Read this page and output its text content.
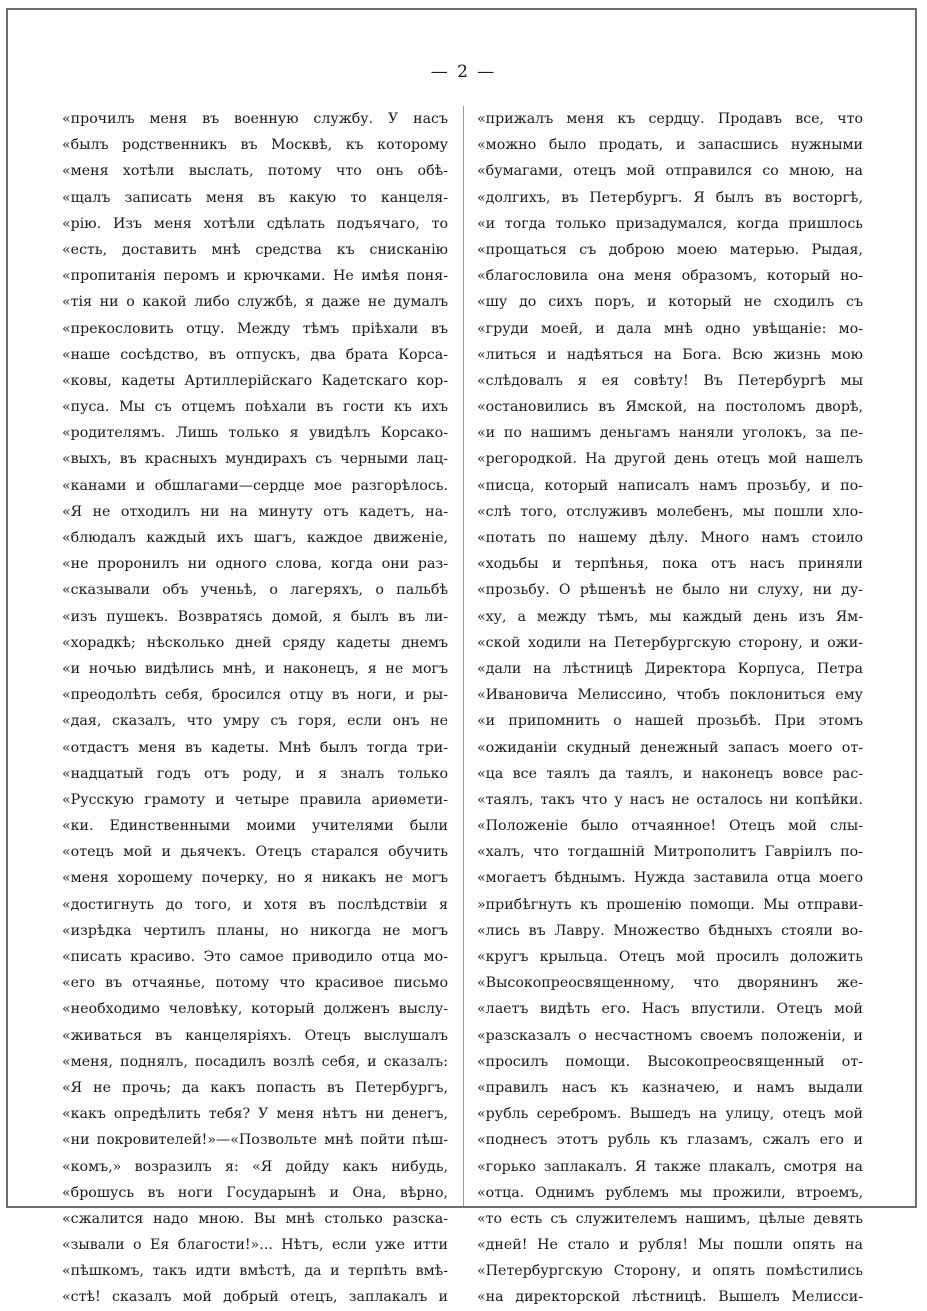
— 2 —
«прочилъ меня въ военную службу. У насъ
«былъ родственникъ въ Москвѣ, къ которому
«меня хотѣли выслать, потому что онъ обѣ-
«щалъ записать меня въ какую то канцеля-
«рію. Изъ меня хотѣли сдѣлать подъячаго, то
«есть, доставить мнѣ средства къ снисканію
«пропитанія перомъ и крючками. Не имѣя поня-
«тія ни о какой либо службѣ, я даже не думалъ
«прекословить отцу. Между тѣмъ пріѣхали въ
«наше сосѣдство, въ отпускъ, два брата Корса-
«ковы, кадеты Артиллерійскаго Кадетскаго кор-
«пуса. Мы съ отцемъ поѣхали въ гости къ ихъ
«родителямъ. Лишь только я увидѣлъ Корсако-
«выхъ, въ красныхъ мундирахъ съ черными лац-
«канами и обшлагами—сердце мое разгорѣлось.
«Я не отходилъ ни на минуту отъ кадетъ, на-
«блюдалъ каждый ихъ шагъ, каждое движеніе,
«не проронилъ ни одного слова, когда они раз-
«сказывали объ ученьѣ, о лагеряхъ, о пальбѣ
«изъ пушекъ. Возвратясь домой, я былъ въ ли-
«хорадкѣ; нѣсколько дней сряду кадеты днемъ
«и ночью видѣлись мнѣ, и наконецъ, я не могъ
«преодолѣть себя, бросился отцу въ ноги, и ры-
«дая, сказалъ, что умру съ горя, если онъ не
«отдастъ меня въ кадеты. Мнѣ былъ тогда три-
«надцатый годъ отъ роду, и я зналъ только
«Русскую грамоту и четыре правила ариѳмети-
«ки. Единственными моими учителями были
«отецъ мой и дьячекъ. Отецъ старался обучить
«меня хорошему почерку, но я никакъ не могъ
«достигнуть до того, и хотя въ послѣдствіи я
«изрѣдка чертилъ планы, но никогда не могъ
«писать красиво. Это самое приводило отца мо-
«его въ отчаянье, потому что красивое письмо
«необходимо человѣку, который долженъ выслу-
«живаться въ канцеляріяхъ. Отецъ выслушалъ
«меня, поднялъ, посадилъ возлѣ себя, и сказалъ:
«Я не прочь; да какъ попасть въ Петербургъ,
«какъ опредѣлить тебя? У меня нѣтъ ни денегъ,
«ни покровителей!»—«Позвольте мнѣ пойти пѣш-
«комъ,» возразилъ я: «Я дойду какъ нибудь,
«брошусь въ ноги Государынѣ и Она, вѣрно,
«сжалится надо мною. Вы мнѣ столько разска-
«зывали о Ея благости!»... Нѣтъ, если уже итти
«пѣшкомъ, такъ идти вмѣстѣ, да и терпѣть вмѣ-
«стѣ! сказалъ мой добрый отецъ, заплакалъ и
«прижалъ меня къ сердцу. Продавъ все, что
«можно было продать, и запасшись нужными
«бумагами, отецъ мой отправился со мною, на
«долгихъ, въ Петербургъ. Я былъ въ восторгѣ,
«и тогда только призадумался, когда пришлось
«прощаться съ доброю моею матерью. Рыдая,
«благословила она меня образомъ, который но-
«шу до сихъ поръ, и который не сходилъ съ
«груди моей, и дала мнѣ одно увѣщаніе: мо-
«литься и надѣяться на Бога. Всю жизнь мою
«слѣдовалъ я ея совѣту! Въ Петербургѣ мы
«остановились въ Ямской, на постоломъ дворѣ,
«и по нашимъ деньгамъ наняли уголокъ, за пе-
«регородкой. На другой день отецъ мой нашелъ
«писца, который написалъ намъ прозьбу, и по-
«слѣ того, отслуживъ молебенъ, мы пошли хло-
«потать по нашему дѣлу. Много намъ стоило
«ходьбы и терпѣнья, пока отъ насъ приняли
«прозьбу. О рѣшенъѣ не было ни слуху, ни ду-
«ху, а между тѣмъ, мы каждый день изъ Ям-
«ской ходили на Петербургскую сторону, и ожи-
«дали на лѣстницѣ Директора Корпуса, Петра
«Ивановича Мелиссино, чтобъ поклониться ему
«и припомнить о нашей прозьбѣ. При этомъ
«ожиданіи скудный денежный запасъ моего от-
«ца все таялъ да таялъ, и наконецъ вовсе рас-
«таялъ, такъ что у насъ не осталось ни копѣйки.
«Положеніе было отчаянное! Отецъ мой слы-
«халъ, что тогдашній Митрополитъ Гавріилъ по-
«могаетъ бѣднымъ. Нужда заставила отца моего
»прибѣгнуть къ прошенію помощи. Мы отправи-
«лись въ Лавру. Множество бѣдныхъ стояли во-
«кругъ крыльца. Отецъ мой просилъ доложить
«Высокопреосвященному, что дворянинъ же-
«лаетъ видѣть его. Насъ впустили. Отецъ мой
«разсказалъ о несчастномъ своемъ положеніи, и
«просилъ помощи. Высокопреосвященный от-
«правилъ насъ къ казначею, и намъ выдали
«рубль серебромъ. Вышедъ на улицу, отецъ мой
«поднесъ этотъ рубль къ глазамъ, сжалъ его и
«горько заплакалъ. Я также плакалъ, смотря на
«отца. Однимъ рублемъ мы прожили, втроемъ,
«то есть съ служителемъ нашимъ, цѣлые девять
«дней! Не стало и рубля! Мы пошли опять на
«Петербургскую Сторону, и опять помѣстились
«на директорской лѣстницѣ. Вышелъ Мелисси-
